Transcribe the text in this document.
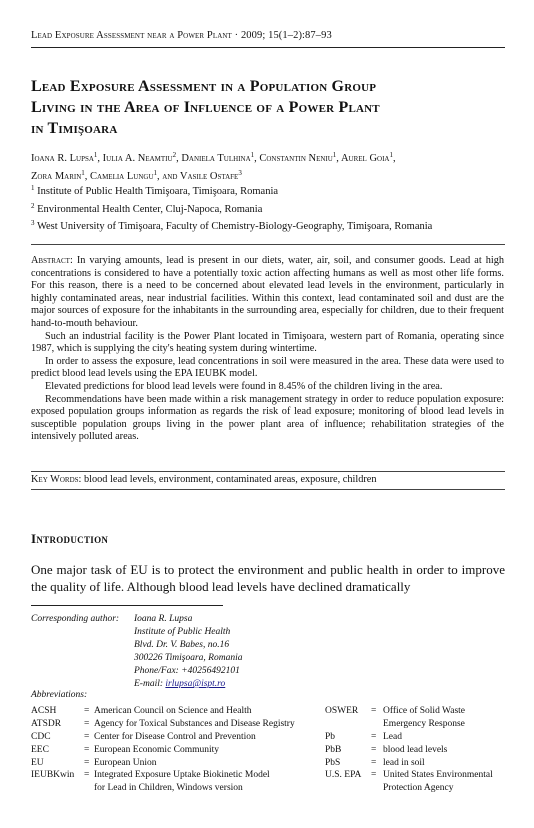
Lead Exposure Assessment near a Power Plant · 2009; 15(1–2):87–93
Lead Exposure Assessment in a Population Group
Living in the Area of Influence of a Power Plant
in Timişoara
Ioana R. Lupsa$^1$, Iulia A. Neamtiu$^2$, Daniela Tulhina$^1$, Constantin Neniu$^1$, Aurel Goia$^1$,
Zora Marin$^1$, Camelia Lungu$^1$, and Vasile Ostafe$^3$
$^1$ Institute of Public Health Timişoara, Timişoara, Romania
$^2$ Environmental Health Center, Cluj-Napoca, Romania
$^3$ West University of Timişoara, Faculty of Chemistry-Biology-Geography, Timişoara, Romania

Abstract: In varying amounts, lead is present in our diets, water, air, soil, and consumer goods. Lead at high concentrations is considered to have a potentially toxic action affecting humans as well as most other life forms. For this reason, there is a need to be concerned about elevated lead levels in the environment, particularly in highly contaminated areas, near industrial facilities. Within this context, lead contaminated soil and dust are the major sources of exposure for the inhabitants in the surrounding area, especially for children, due to their frequent hand-to-mouth behaviour.

Such an industrial facility is the Power Plant located in Timişoara, western part of Romania, operating since 1987, which is supplying the city's heating system during wintertime.

In order to assess the exposure, lead concentrations in soil were measured in the area. These data were used to predict blood lead levels using the EPA IEUBK model.

Elevated predictions for blood lead levels were found in 8.45% of the children living in the area.

Recommendations have been made within a risk management strategy in order to reduce population exposure: exposed population groups information as regards the risk of lead exposure; monitoring of blood lead levels in susceptible population groups living in the power plant area of influence; rehabilitation strategies of the intensively polluted areas.

Key Words: blood lead levels, environment, contaminated areas, exposure, children
Introduction
One major task of EU is to protect the environment and public health in order to improve the quality of life. Although blood lead levels have declined dramatically
Corresponding author: Ioana R. Lupsa
Institute of Public Health
Blvd. Dr. V. Babes, no.16
300226 Timişoara, Romania
Phone/Fax: +40256492101
E-mail: irlupsa@ispt.ro
Abbreviations:
ACSH	= American Council on Science and Health
ATSDR = Agency for Toxical Substances and Disease Registry
CDC	= Center for Disease Control and Prevention
EEC	= European Economic Community
EU	= European Union
IEUBKwin = Integrated Exposure Uptake Biokinetic Model
for Lead in Children, Windows version
OSWER = Office of Solid Waste
Emergency Response
Pb	= Lead
PbB	= blood lead levels
PbS	= lead in soil
U.S. EPA = United States Environmental
Protection Agency
